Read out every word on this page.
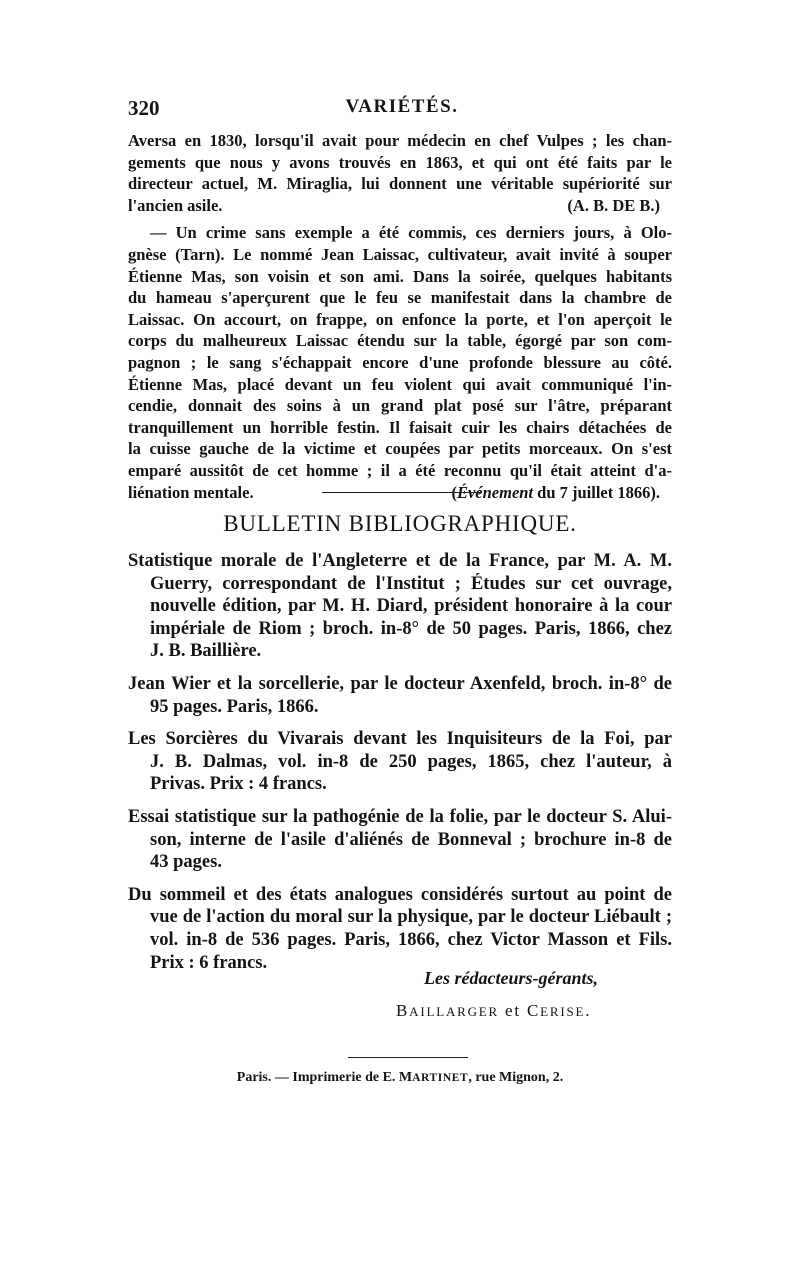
320	VARIÉTÉS.
Aversa en 1830, lorsqu'il avait pour médecin en chef Vulpes ; les chan-
gements que nous y avons trouvés en 1863, et qui ont été faits par le
directeur actuel, M. Miraglia, lui donnent une véritable supériorité sur
l'ancien asile.	(A. B. DE B.)
— Un crime sans exemple a été commis, ces derniers jours, à Olo-
gnèse (Tarn). Le nommé Jean Laissac, cultivateur, avait invité à souper
Étienne Mas, son voisin et son ami. Dans la soirée, quelques habitants
du hameau s'aperçurent que le feu se manifestait dans la chambre de
Laissac. On accourt, on frappe, on enfonce la porte, et l'on aperçoit le
corps du malheureux Laissac étendu sur la table, égorgé par son com-
pagnon ; le sang s'échappait encore d'une profonde blessure au côté.
Étienne Mas, placé devant un feu violent qui avait communiqué l'in-
cendie, donnait des soins à un grand plat posé sur l'âtre, préparant
tranquillement un horrible festin. Il faisait cuir les chairs détachées de
la cuisse gauche de la victime et coupées par petits morceaux. On s'est
emparé aussitôt de cet homme ; il a été reconnu qu'il était atteint d'a-
liénation mentale.	(Événement du 7 juillet 1866).
BULLETIN BIBLIOGRAPHIQUE.
Statistique morale de l'Angleterre et de la France, par M. A. M.
Guerry, correspondant de l'Institut ; Études sur cet ouvrage,
nouvelle édition, par M. H. Diard, président honoraire à la cour
impériale de Riom ; broch. in-8° de 50 pages. Paris, 1866, chez
J. B. Baillière.
Jean Wier et la sorcellerie, par le docteur Axenfeld, broch. in-8° de
95 pages. Paris, 1866.
Les Sorcières du Vivarais devant les Inquisiteurs de la Foi, par
J. B. Dalmas, vol. in-8 de 250 pages, 1865, chez l'auteur, à
Privas. Prix : 4 francs.
Essai statistique sur la pathogénie de la folie, par le docteur S. Alui-
son, interne de l'asile d'aliénés de Bonneval ; brochure in-8 de
43 pages.
Du sommeil et des états analogues considérés surtout au point de
vue de l'action du moral sur la physique, par le docteur Liébault ;
vol. in-8 de 536 pages. Paris, 1866, chez Victor Masson et Fils.
Prix : 6 francs.
Les rédacteurs-gérants,
BAILLARGER et CERISE.
Paris. — Imprimerie de E. MARTINET, rue Mignon, 2.
